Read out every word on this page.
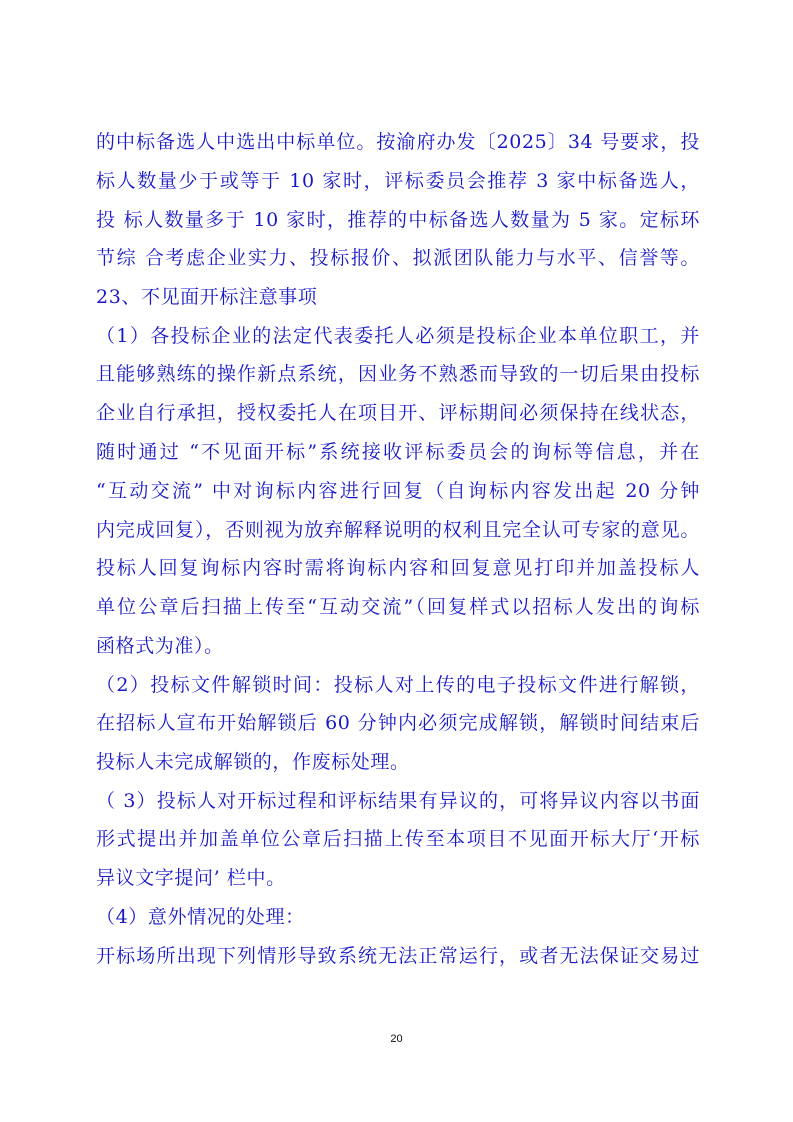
的中标备选人中选出中标单位。按渝府办发〔2025〕34 号要求，投
标人数量少于或等于 10 家时，评标委员会推荐 3 家中标备选人，
投 标人数量多于 10 家时，推荐的中标备选人数量为 5 家。定标环
节综 合考虑企业实力、投标报价、拟派团队能力与水平、信誉等。
23、不见面开标注意事项
（1）各投标企业的法定代表委托人必须是投标企业本单位职工，并
且能够熟练的操作新点系统，因业务不熟悉而导致的一切后果由投标
企业自行承担，授权委托人在项目开、评标期间必须保持在线状态，
随时通过 “不见面开标”系统接收评标委员会的询标等信息，并在
“互动交流” 中对询标内容进行回复（自询标内容发出起 20 分钟
内完成回复），否则视为放弃解释说明的权利且完全认可专家的意见。
投标人回复询标内容时需将询标内容和回复意见打印并加盖投标人
单位公章后扫描上传至“互动交流”（回复样式以招标人发出的询标
函格式为准）。
（2）投标文件解锁时间：投标人对上传的电子投标文件进行解锁，
在招标人宣布开始解锁后 60 分钟内必须完成解锁，解锁时间结束后
投标人未完成解锁的，作废标处理。
（ 3）投标人对开标过程和评标结果有异议的，可将异议内容以书面
形式提出并加盖单位公章后扫描上传至本项目不见面开标大厅‘开标
异议文字提问’ 栏中。
（4）意外情况的处理：
开标场所出现下列情形导致系统无法正常运行，或者无法保证交易过
20
